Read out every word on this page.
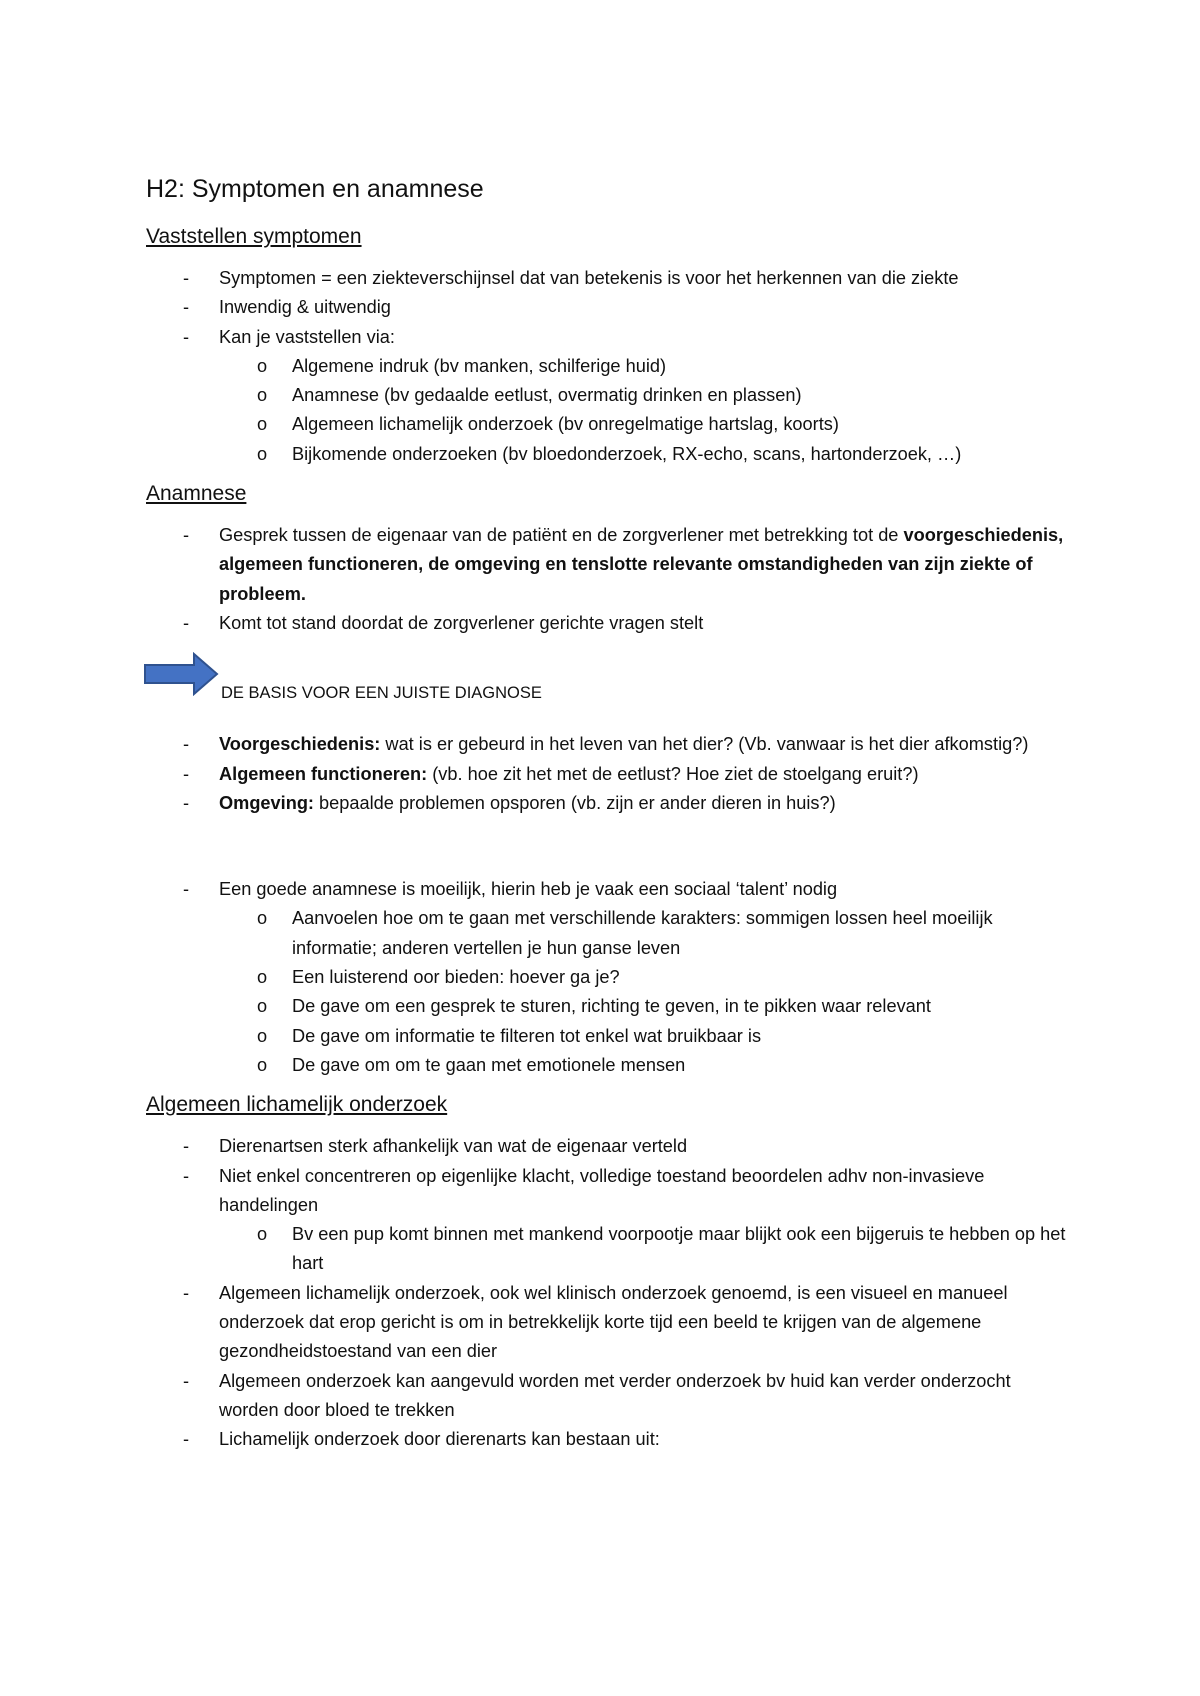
H2: Symptomen en anamnese
Vaststellen symptomen
- Symptomen = een ziekteverschijnsel dat van betekenis is voor het herkennen van die ziekte
- Inwendig & uitwendig
- Kan je vaststellen via:
o Algemene indruk (bv manken, schilferige huid)
o Anamnese (bv gedaalde eetlust, overmatig drinken en plassen)
o Algemeen lichamelijk onderzoek (bv onregelmatige hartslag, koorts)
o Bijkomende onderzoeken (bv bloedonderzoek, RX-echo, scans, hartonderzoek, …)
Anamnese
- Gesprek tussen de eigenaar van de patiënt en de zorgverlener met betrekking tot de voorgeschiedenis, algemeen functioneren, de omgeving en tenslotte relevante omstandigheden van zijn ziekte of probleem.
- Komt tot stand doordat de zorgverlener gerichte vragen stelt
DE BASIS VOOR EEN JUISTE DIAGNOSE
- Voorgeschiedenis: wat is er gebeurd in het leven van het dier? (Vb. vanwaar is het dier afkomstig?)
- Algemeen functioneren: (vb. hoe zit het met de eetlust? Hoe ziet de stoelgang eruit?)
- Omgeving: bepaalde problemen opsporen (vb. zijn er ander dieren in huis?)
- Een goede anamnese is moeilijk, hierin heb je vaak een sociaal ‘talent’ nodig
o Aanvoelen hoe om te gaan met verschillende karakters: sommigen lossen heel moeilijk informatie; anderen vertellen je hun ganse leven
o Een luisterend oor bieden: hoever ga je?
o De gave om een gesprek te sturen, richting te geven, in te pikken waar relevant
o De gave om informatie te filteren tot enkel wat bruikbaar is
o De gave om om te gaan met emotionele mensen
Algemeen lichamelijk onderzoek
- Dierenartsen sterk afhankelijk van wat de eigenaar verteld
- Niet enkel concentreren op eigenlijke klacht, volledige toestand beoordelen adhv non-invasieve handelingen
o Bv een pup komt binnen met mankend voorpootje maar blijkt ook een bijgeruis te hebben op het hart
- Algemeen lichamelijk onderzoek, ook wel klinisch onderzoek genoemd, is een visueel en manueel onderzoek dat erop gericht is om in betrekkelijk korte tijd een beeld te krijgen van de algemene gezondheidstoestand van een dier
- Algemeen onderzoek kan aangevuld worden met verder onderzoek bv huid kan verder onderzocht worden door bloed te trekken
- Lichamelijk onderzoek door dierenarts kan bestaan uit:
